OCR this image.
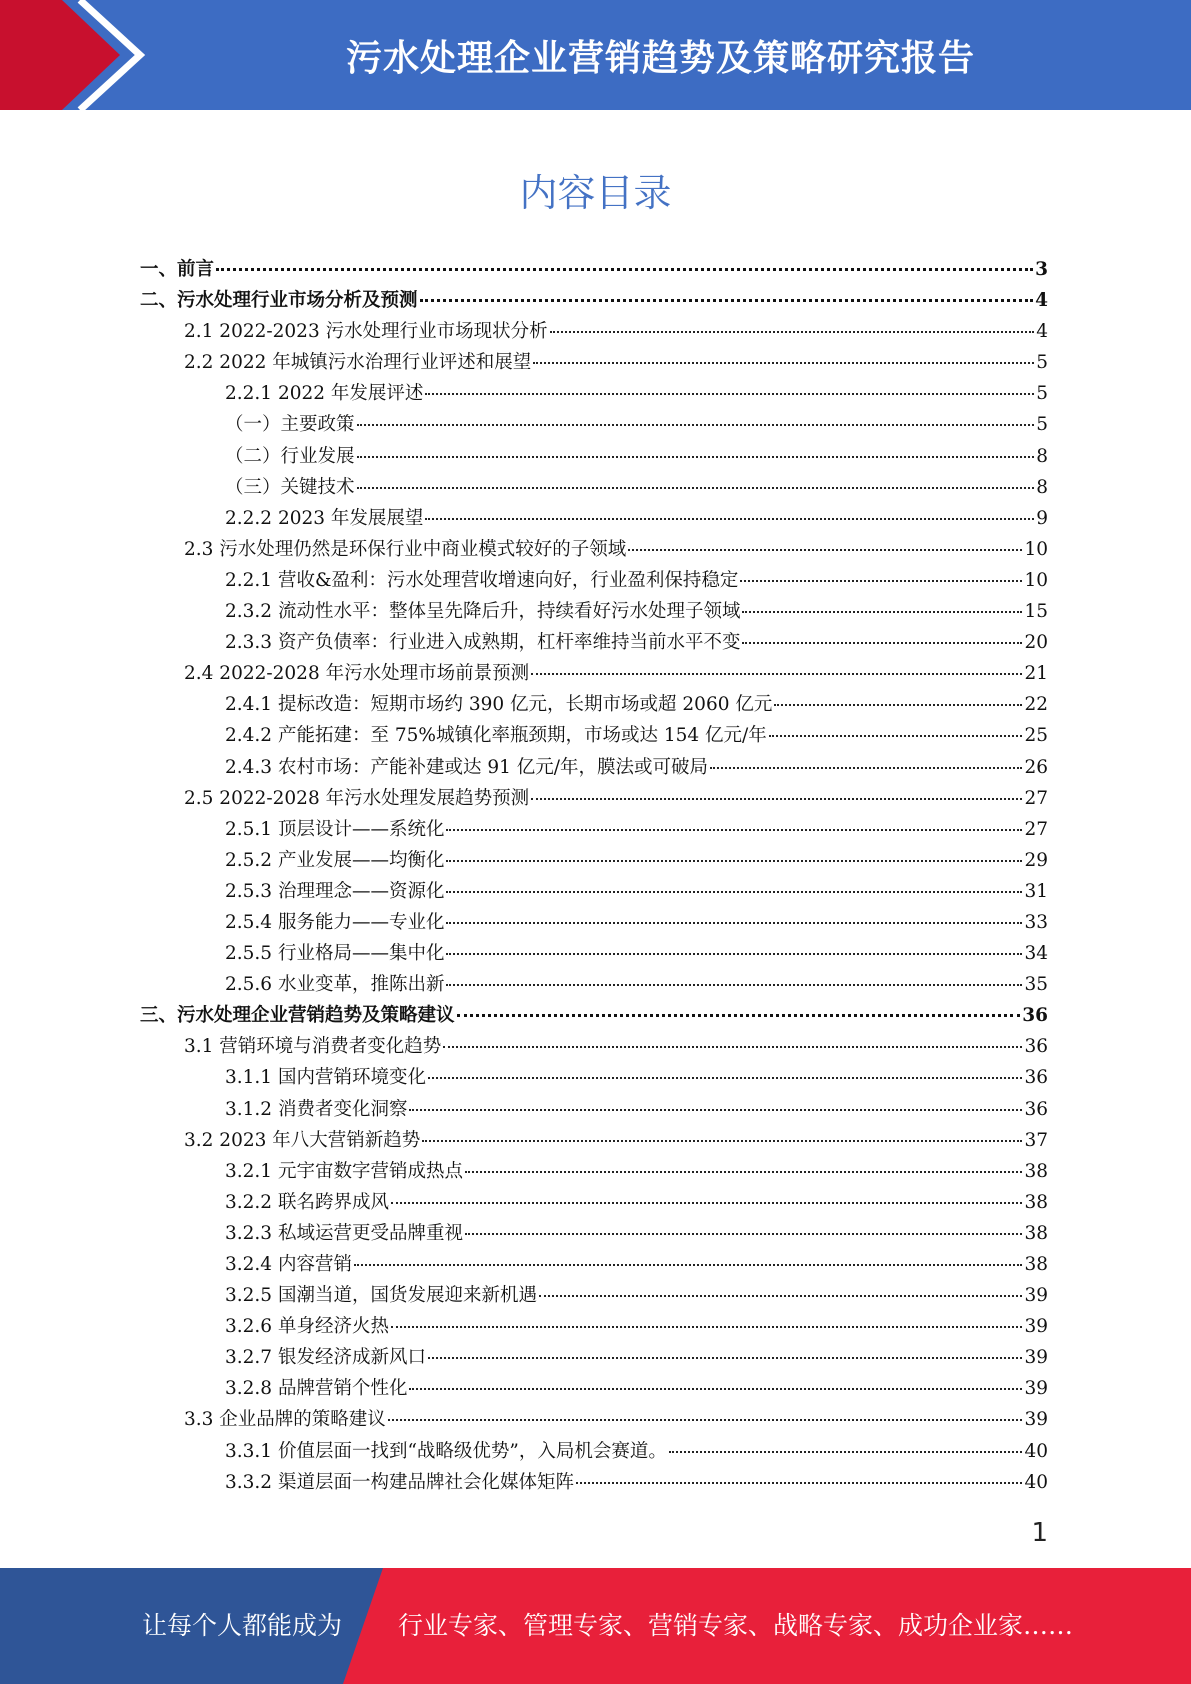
污水处理企业营销趋势及策略研究报告
内容目录
一、前言	3
二、污水处理行业市场分析及预测	4
2.1 2022-2023 污水处理行业市场现状分析	4
2.2 2022 年城镇污水治理行业评述和展望	5
2.2.1 2022 年发展评述	5
（一）主要政策	5
（二）行业发展	8
（三）关键技术	8
2.2.2 2023 年发展展望	9
2.3 污水处理仍然是环保行业中商业模式较好的子领域	10
2.2.1 营收&盈利：污水处理营收增速向好，行业盈利保持稳定	10
2.3.2 流动性水平：整体呈先降后升，持续看好污水处理子领域	15
2.3.3 资产负债率：行业进入成熟期，杠杆率维持当前水平不变	20
2.4 2022-2028 年污水处理市场前景预测	21
2.4.1 提标改造：短期市场约 390 亿元，长期市场或超 2060 亿元	22
2.4.2 产能拓建：至 75%城镇化率瓶颈期，市场或达 154 亿元/年	25
2.4.3 农村市场：产能补建或达 91 亿元/年，膜法或可破局	26
2.5 2022-2028 年污水处理发展趋势预测	27
2.5.1 顶层设计——系统化	27
2.5.2 产业发展——均衡化	29
2.5.3 治理理念——资源化	31
2.5.4 服务能力——专业化	33
2.5.5 行业格局——集中化	34
2.5.6 水业变革，推陈出新	35
三、污水处理企业营销趋势及策略建议	36
3.1 营销环境与消费者变化趋势	36
3.1.1 国内营销环境变化	36
3.1.2 消费者变化洞察	36
3.2 2023 年八大营销新趋势	37
3.2.1 元宇宙数字营销成热点	38
3.2.2 联名跨界成风	38
3.2.3 私域运营更受品牌重视	38
3.2.4 内容营销	38
3.2.5 国潮当道，国货发展迎来新机遇	39
3.2.6 单身经济火热	39
3.2.7 银发经济成新风口	39
3.2.8 品牌营销个性化	39
3.3 企业品牌的策略建议	39
3.3.1 价值层面一找到“战略级优势”，入局机会赛道。	40
3.3.2 渠道层面一构建品牌社会化媒体矩阵	40
1
让每个人都能成为 行业专家、管理专家、营销专家、战略专家、成功企业家……
